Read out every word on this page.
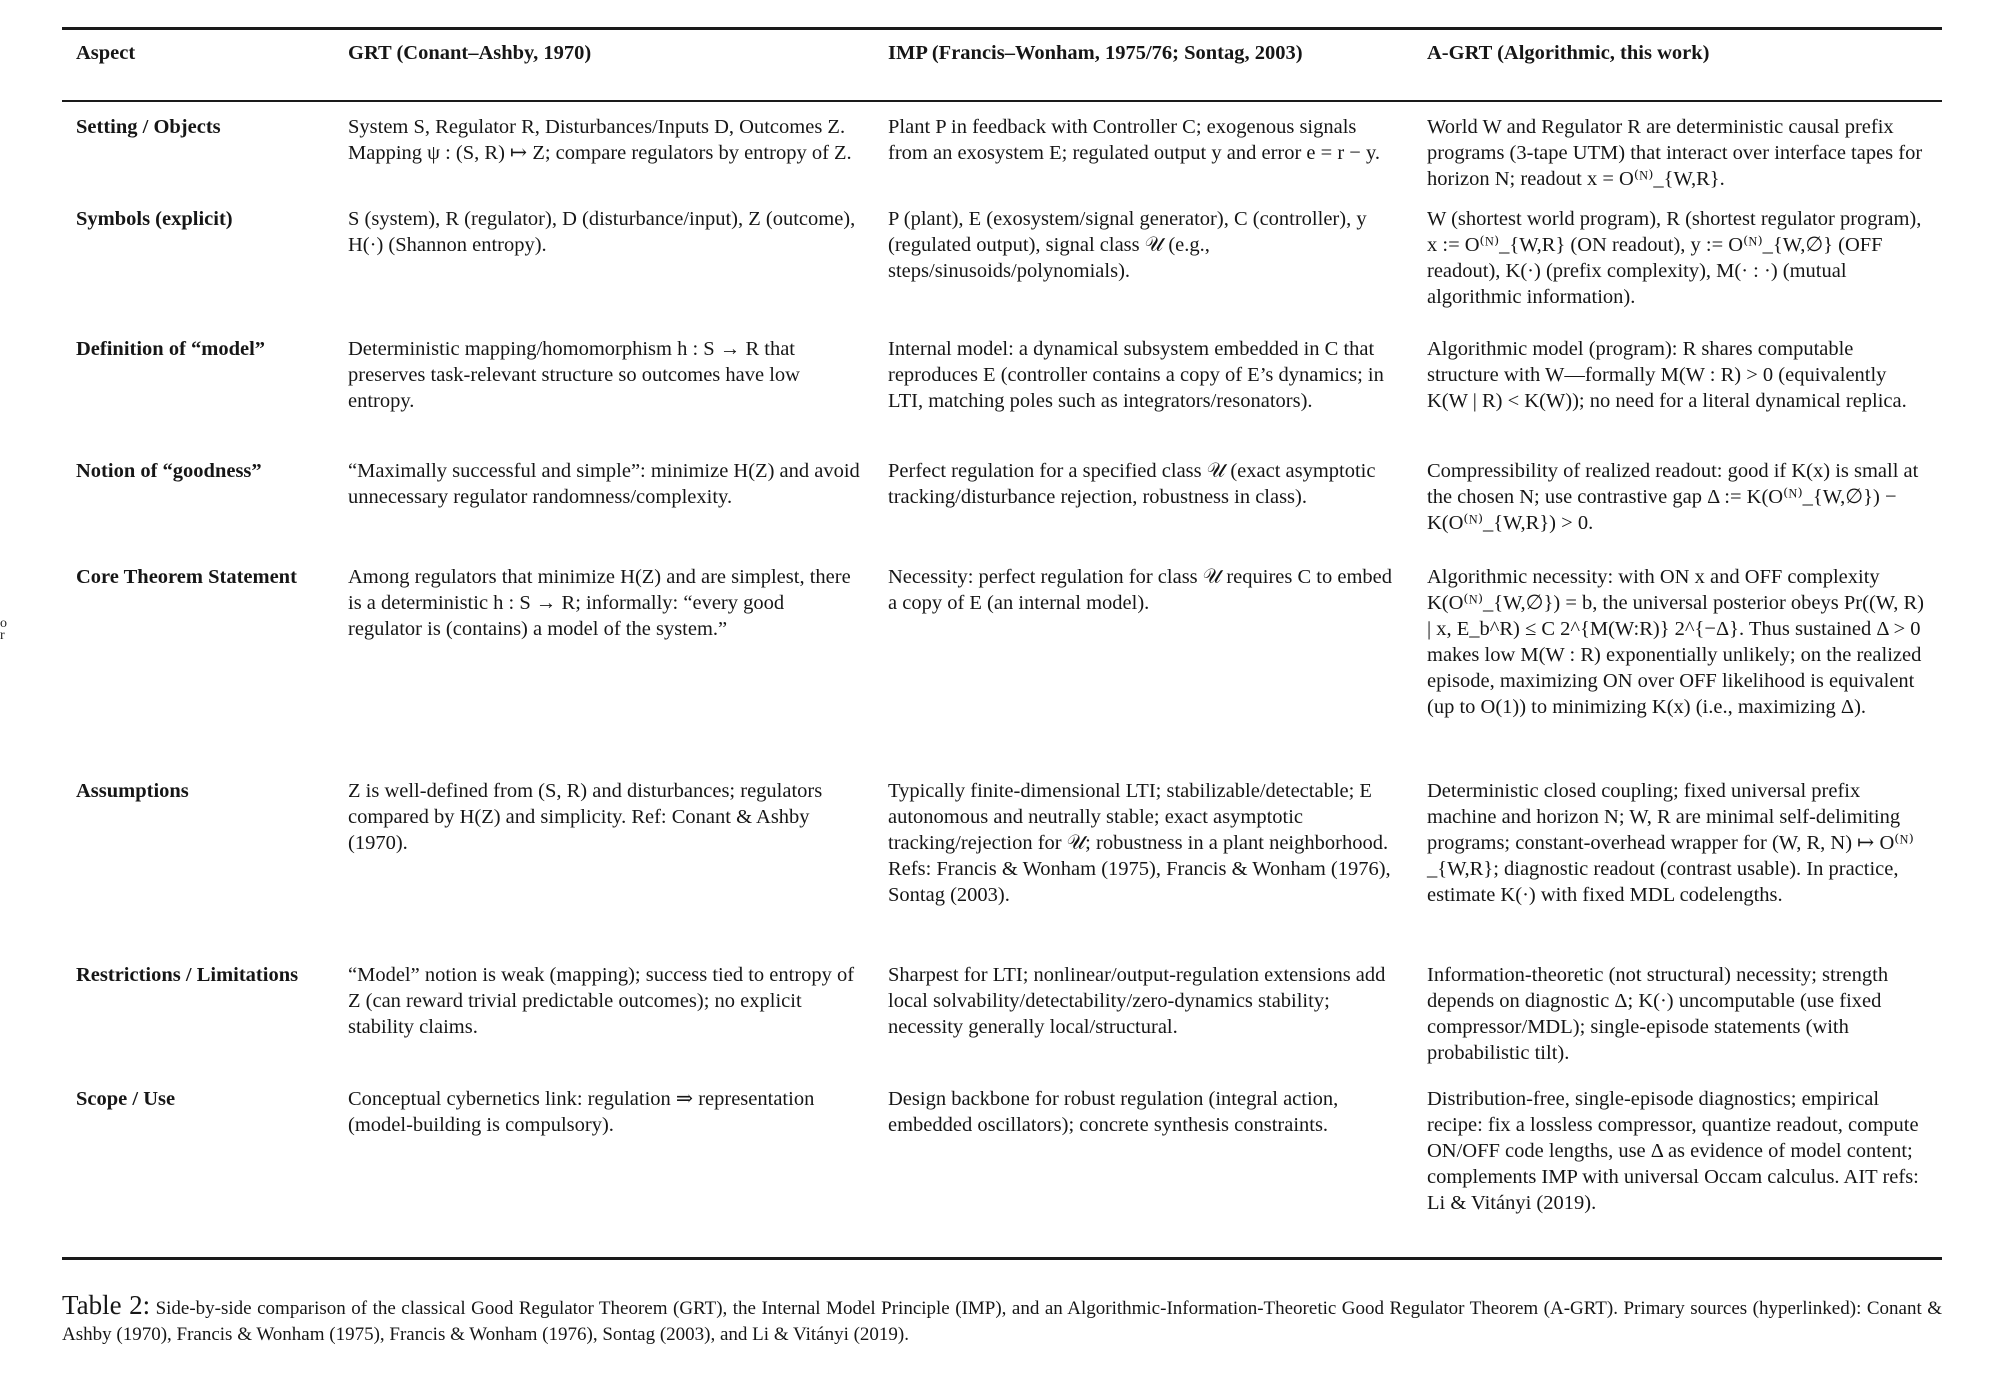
o
r
Aspect	GRT (Conant–Ashby, 1970)	IMP (Francis–Wonham, 1975/76; Sontag, 2003)	A-GRT (Algorithmic, this work)
Setting / Objects	System S, Regulator R, Disturbances/Inputs D, Outcomes Z. Mapping ψ : (S, R) ↦ Z; compare regulators by entropy of Z.	Plant P in feedback with Controller C; exogenous signals from an exosystem E; regulated output y and error e = r − y.	World W and Regulator R are deterministic causal prefix programs (3-tape UTM) that interact over interface tapes for horizon N; readout x = O⁽ᴺ⁾_{W,R}.
Symbols (explicit)	S (system), R (regulator), D (disturbance/input), Z (outcome), H(·) (Shannon entropy).	P (plant), E (exosystem/signal generator), C (controller), y (regulated output), signal class 𝒰 (e.g., steps/sinusoids/polynomials).	W (shortest world program), R (shortest regulator program), x := O⁽ᴺ⁾_{W,R} (ON readout), y := O⁽ᴺ⁾_{W,∅} (OFF readout), K(·) (prefix complexity), M(· : ·) (mutual algorithmic information).
Definition of “model”	Deterministic mapping/homomorphism h : S → R that preserves task-relevant structure so outcomes have low entropy.	Internal model: a dynamical subsystem embedded in C that reproduces E (controller contains a copy of E’s dynamics; in LTI, matching poles such as integrators/resonators).	Algorithmic model (program): R shares computable structure with W—formally M(W : R) > 0 (equivalently K(W | R) < K(W)); no need for a literal dynamical replica.
Notion of “goodness”	“Maximally successful and simple”: minimize H(Z) and avoid unnecessary regulator randomness/complexity.	Perfect regulation for a specified class 𝒰 (exact asymptotic tracking/disturbance rejection, robustness in class).	Compressibility of realized readout: good if K(x) is small at the chosen N; use contrastive gap Δ := K(O⁽ᴺ⁾_{W,∅}) − K(O⁽ᴺ⁾_{W,R}) > 0.
Core Theorem Statement	Among regulators that minimize H(Z) and are simplest, there is a deterministic h : S → R; informally: “every good regulator is (contains) a model of the system.”	Necessity: perfect regulation for class 𝒰 requires C to embed a copy of E (an internal model).	Algorithmic necessity: with ON x and OFF complexity K(O⁽ᴺ⁾_{W,∅}) = b, the universal posterior obeys Pr((W, R) | x, E_b^R) ≤ C 2^{M(W:R)} 2^{−Δ}. Thus sustained Δ > 0 makes low M(W : R) exponentially unlikely; on the realized episode, maximizing ON over OFF likelihood is equivalent (up to O(1)) to minimizing K(x) (i.e., maximizing Δ).
Assumptions	Z is well-defined from (S, R) and disturbances; regulators compared by H(Z) and simplicity. Ref: Conant & Ashby (1970).	Typically finite-dimensional LTI; stabilizable/detectable; E autonomous and neutrally stable; exact asymptotic tracking/rejection for 𝒰; robustness in a plant neighborhood. Refs: Francis & Wonham (1975), Francis & Wonham (1976), Sontag (2003).	Deterministic closed coupling; fixed universal prefix machine and horizon N; W, R are minimal self-delimiting programs; constant-overhead wrapper for (W, R, N) ↦ O⁽ᴺ⁾_{W,R}; diagnostic readout (contrast usable). In practice, estimate K(·) with fixed MDL codelengths.
Restrictions / Limitations	“Model” notion is weak (mapping); success tied to entropy of Z (can reward trivial predictable outcomes); no explicit stability claims.	Sharpest for LTI; nonlinear/output-regulation extensions add local solvability/detectability/zero-dynamics stability; necessity generally local/structural.	Information-theoretic (not structural) necessity; strength depends on diagnostic Δ; K(·) uncomputable (use fixed compressor/MDL); single-episode statements (with probabilistic tilt).
Scope / Use	Conceptual cybernetics link: regulation ⇒ representation (model-building is compulsory).	Design backbone for robust regulation (integral action, embedded oscillators); concrete synthesis constraints.	Distribution-free, single-episode diagnostics; empirical recipe: fix a lossless compressor, quantize readout, compute ON/OFF code lengths, use Δ as evidence of model content; complements IMP with universal Occam calculus. AIT refs: Li & Vitányi (2019).
Table 2: Side-by-side comparison of the classical Good Regulator Theorem (GRT), the Internal Model Principle (IMP), and an Algorithmic-Information-Theoretic Good Regulator Theorem (A-GRT). Primary sources (hyperlinked): Conant & Ashby (1970), Francis & Wonham (1975), Francis & Wonham (1976), Sontag (2003), and Li & Vitányi (2019).
